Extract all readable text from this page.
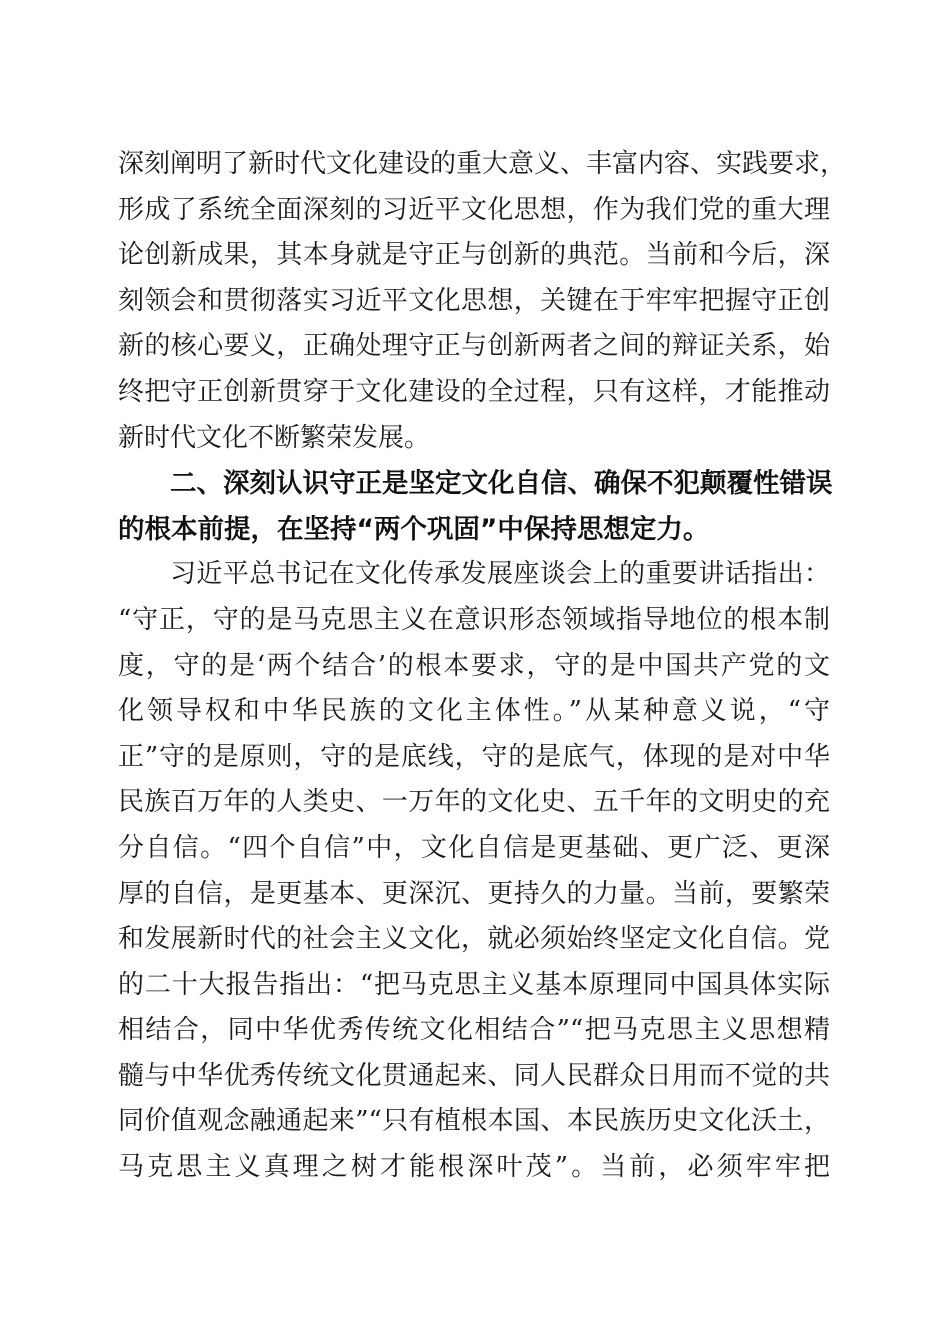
深刻阐明了新时代文化建设的重大意义、丰富内容、实践要求，
形成了系统全面深刻的习近平文化思想，作为我们党的重大理
论创新成果，其本身就是守正与创新的典范。当前和今后，深
刻领会和贯彻落实习近平文化思想，关键在于牢牢把握守正创
新的核心要义，正确处理守正与创新两者之间的辩证关系，始
终把守正创新贯穿于文化建设的全过程，只有这样，才能推动
新时代文化不断繁荣发展。
二、深刻认识守正是坚定文化自信、确保不犯颠覆性错误
的根本前提，在坚持“两个巩固”中保持思想定力。
习近平总书记在文化传承发展座谈会上的重要讲话指出：
“守正，守的是马克思主义在意识形态领域指导地位的根本制
度，守的是‘两个结合’的根本要求，守的是中国共产党的文
化领导权和中华民族的文化主体性。”从某种意义说，“守
正”守的是原则，守的是底线，守的是底气，体现的是对中华
民族百万年的人类史、一万年的文化史、五千年的文明史的充
分自信。“四个自信”中，文化自信是更基础、更广泛、更深
厚的自信，是更基本、更深沉、更持久的力量。当前，要繁荣
和发展新时代的社会主义文化，就必须始终坚定文化自信。党
的二十大报告指出：“把马克思主义基本原理同中国具体实际
相结合，同中华优秀传统文化相结合”“把马克思主义思想精
髓与中华优秀传统文化贯通起来、同人民群众日用而不觉的共
同价值观念融通起来”“只有植根本国、本民族历史文化沃土，
马克思主义真理之树才能根深叶茂”。当前，必须牢牢把
